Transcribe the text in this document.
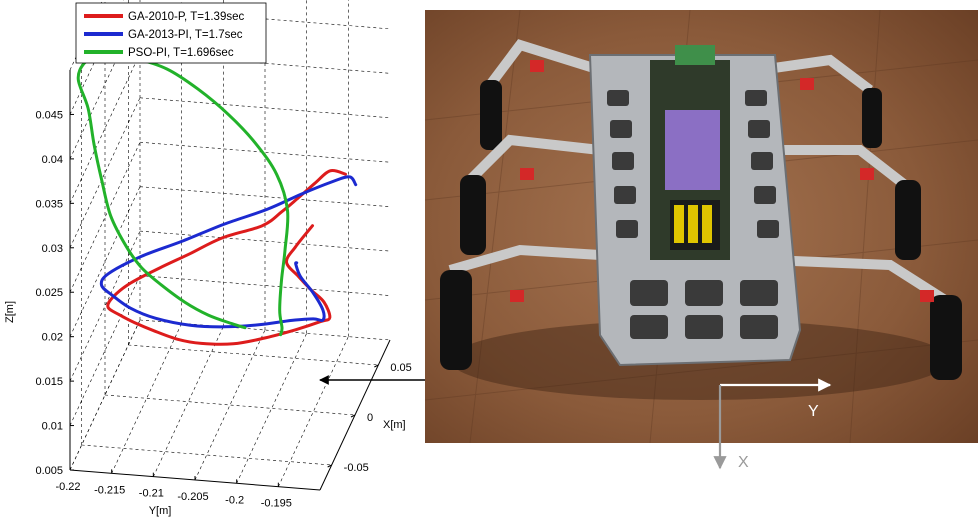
0.005
0.01
0.015
0.02
0.025
0.03
0.035
0.04
0.045
-0.22 -0.215 -0.21 -0.205 -0.2 -0.195
-0.05
0
0.05
Z[m]
X[m]
Y[m]
GA-2010-P, T=1.39sec
GA-2013-PI, T=1.7sec
PSO-PI, T=1.696sec
Y
X
